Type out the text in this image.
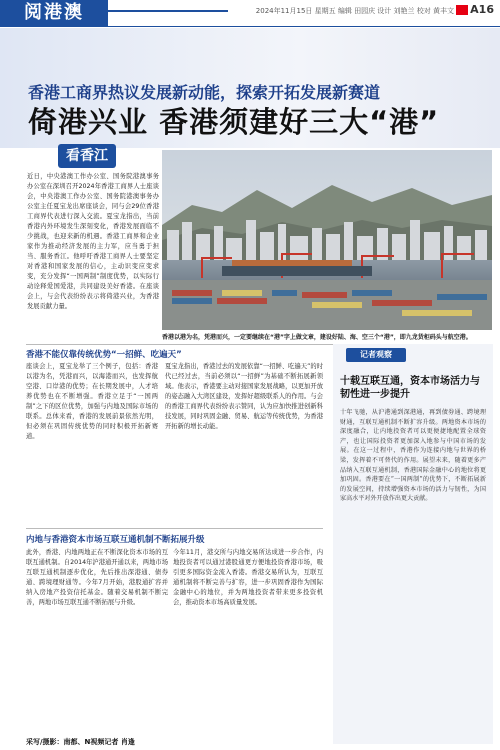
阅港澳	2024年11月15日 星期五 编辑 田园庆 设计 刘艳兰 校对 黄丰文 A16
香港工商界热议发展新动能，探索开拓发展新赛道
倚港兴业 香港须建好三大“港”
看香江
近日，中央港澳工作办公室、国务院港澳事务办公室在深圳召开2024年香港工商界人士座谈会，中央港澳工作办公室、国务院港澳事务办公室主任夏宝龙出席座谈会，同与会29位香港工商界代表进行深入交流。夏宝龙指出，当前香港内外环境发生深刻变化，香港发展面临不少挑战，也迎来新的机遇。香港工商界和企业家作为推动经济发展的主力军，应当勇于担当、服务香江。他呼吁香港工商界人士要坚定对香港和国家发展的信心，主动识变应变求变，充分发挥“一国两制”制度优势，以实际行动诠释爱国爱港，共同建设美好香港。在座谈会上，与会代表纷纷表示将倚港兴业，为香港发展贡献力量。
香港以港为名，凭港而兴，一定要继续在“港”字上做文章，建设好陆、海、空三个“港”，即九龙货柜码头与航空港。
香港不能仅靠传统优势“一招鲜、吃遍天”
座谈会上，夏宝龙举了三个例子，包括：香港以港为名，凭港而兴，以海港而兴，也发挥航空港、口岸港的优势；在长期发展中，人才培养优势也在不断增强。香港立足于“一国两制”之下的区位优势，加强与内地及国际市场的联系。总体来看，香港的发展前景依然光明，但必须在巩固传统优势的同时积极开拓新赛道。
夏宝龙指出，香港过去的发展依靠“一招鲜、吃遍天”的时代已经过去，当前必须以“一招鲜”为基础不断拓展新领域。他表示，香港要主动对接国家发展战略，以更加开放的姿态融入大湾区建设，发挥好超级联系人的作用。与会的香港工商界代表纷纷表示赞同，认为应加快推进创新科技发展，同时巩固金融、贸易、航运等传统优势，为香港开拓新的增长动能。
内地与香港资本市场互联互通机制不断拓展升级
此外，香港、内地两地正在不断深化资本市场的互联互通机制。自2014年沪港通开通以来，两地市场互联互通机制逐步优化，先后推出深港通、债券通、跨境理财通等。今年7月开始，港股通扩容并纳入房地产投资信托基金。随着交易机制不断完善，两地市场互联互通不断拓展与升级。
今年11月，港交所与内地交易所达成进一步合作，内地投资者可以通过港股通更方便地投资香港市场，吸引更多国际资金流入香港。香港交易所认为，互联互通机制将不断完善与扩容，进一步巩固香港作为国际金融中心的地位，并为两地投资者带来更多投资机会，推动资本市场高质量发展。
采写/摄影：南都、N视频记者 肖逢
记者观察
十载互联互通，资本市场活力与韧性进一步提升
十年飞驰，从沪港通到深港通，再到债券通、跨境理财通，互联互通机制不断扩容升级。两地资本市场的深度融合，让内地投资者可以更便捷地配置全球资产，也让国际投资者更加深入地参与中国市场的发展。在这一过程中，香港作为连接内地与世界的桥梁，发挥着不可替代的作用。展望未来，随着更多产品纳入互联互通机制，香港国际金融中心的地位将更加巩固。香港要在“一国两制”的优势下，不断拓展新的发展空间，持续增强资本市场的活力与韧性，为国家高水平对外开放作出更大贡献。
